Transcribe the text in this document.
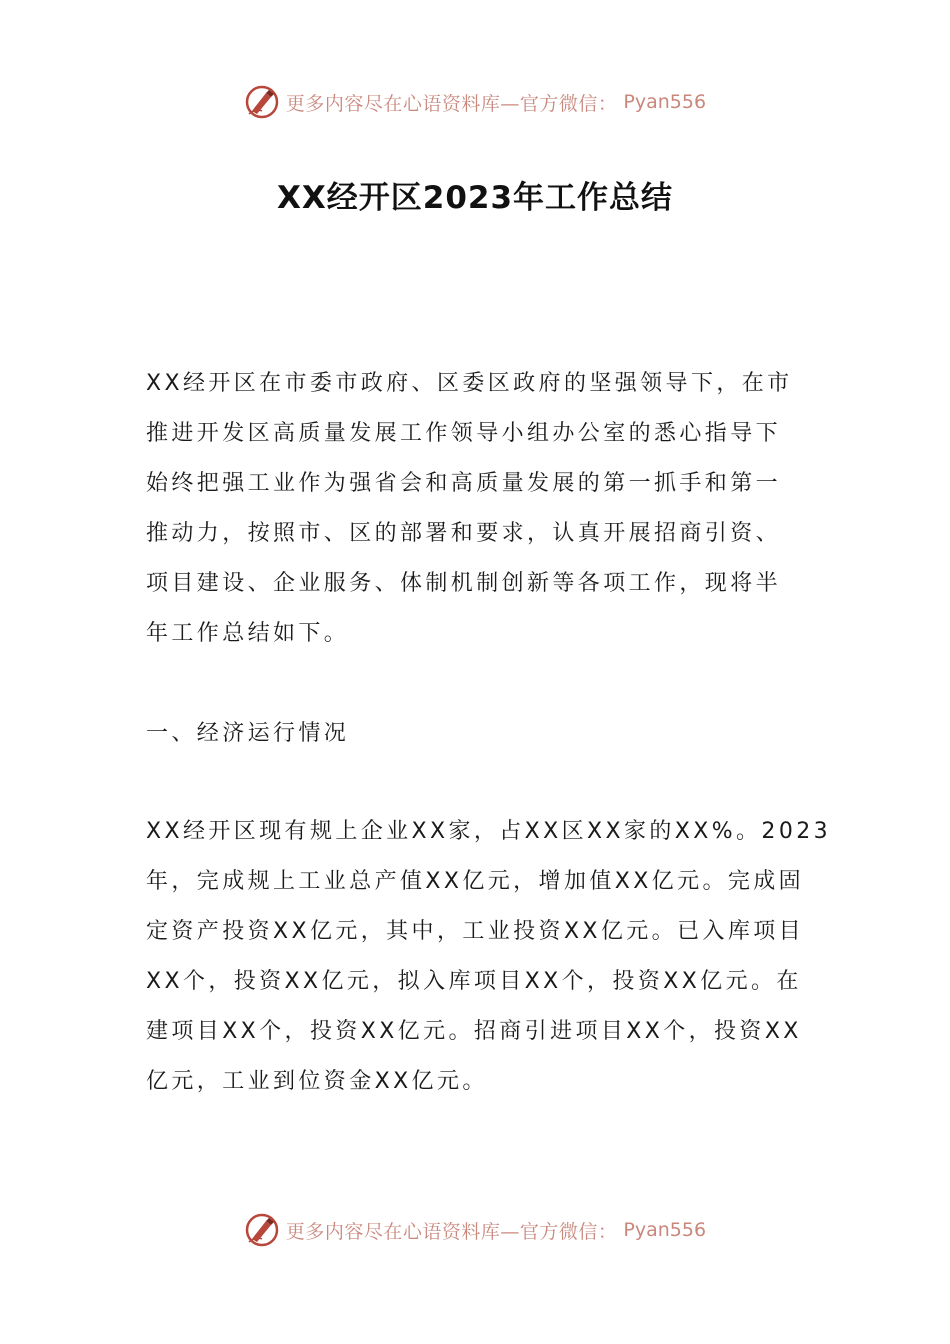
更多内容尽在心语资料库—官方微信： Pyan556
XX经开区2023年工作总结

XX经开区在市委市政府、区委区政府的坚强领导下，在市
推进开发区高质量发展工作领导小组办公室的悉心指导下
始终把强工业作为强省会和高质量发展的第一抓手和第一
推动力，按照市、区的部署和要求，认真开展招商引资、
项目建设、企业服务、体制机制创新等各项工作，现将半
年工作总结如下。

一、经济运行情况

XX经开区现有规上企业XX家，占XX区XX家的XX%。2023
年，完成规上工业总产值XX亿元，增加值XX亿元。完成固
定资产投资XX亿元，其中，工业投资XX亿元。已入库项目
XX个，投资XX亿元，拟入库项目XX个，投资XX亿元。在
建项目XX个，投资XX亿元。招商引进项目XX个，投资XX
亿元，工业到位资金XX亿元。

更多内容尽在心语资料库—官方微信： Pyan556
